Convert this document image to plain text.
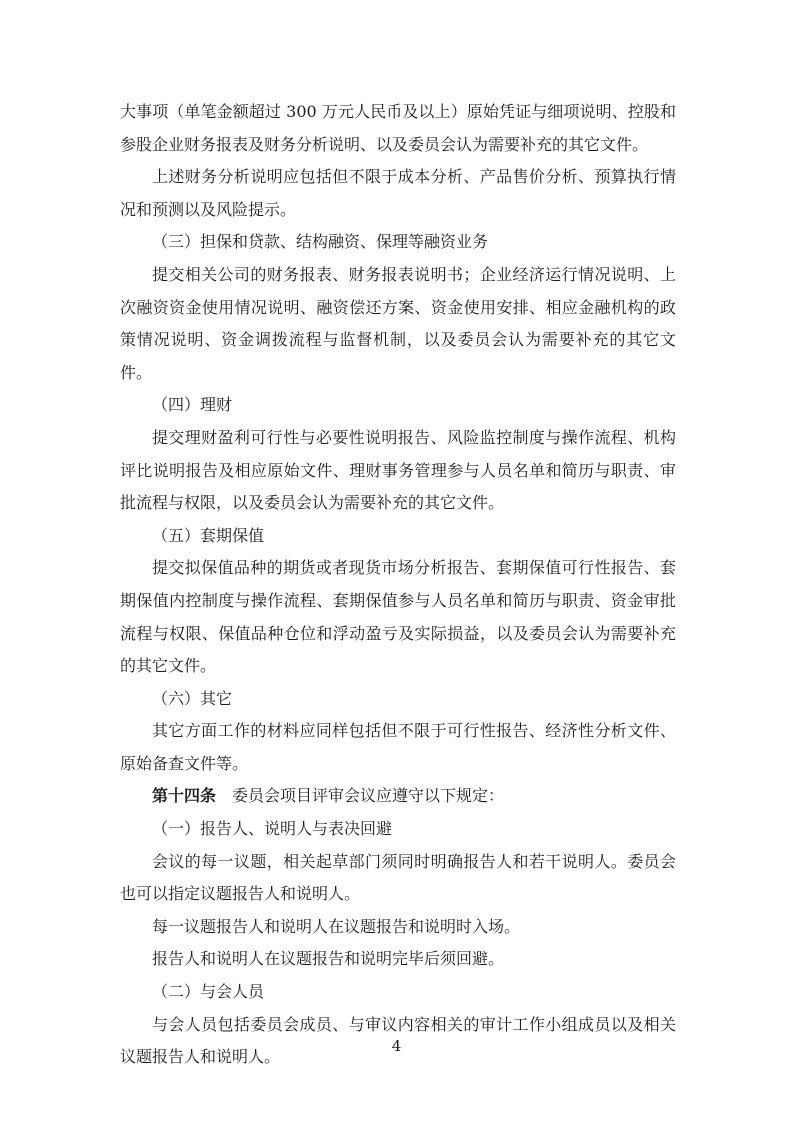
大事项（单笔金额超过 300 万元人民币及以上）原始凭证与细项说明、控股和参股企业财务报表及财务分析说明、以及委员会认为需要补充的其它文件。

上述财务分析说明应包括但不限于成本分析、产品售价分析、预算执行情况和预测以及风险提示。

（三）担保和贷款、结构融资、保理等融资业务

提交相关公司的财务报表、财务报表说明书；企业经济运行情况说明、上次融资资金使用情况说明、融资偿还方案、资金使用安排、相应金融机构的政策情况说明、资金调拨流程与监督机制，以及委员会认为需要补充的其它文件。

（四）理财

提交理财盈利可行性与必要性说明报告、风险监控制度与操作流程、机构评比说明报告及相应原始文件、理财事务管理参与人员名单和简历与职责、审批流程与权限，以及委员会认为需要补充的其它文件。

（五）套期保值

提交拟保值品种的期货或者现货市场分析报告、套期保值可行性报告、套期保值内控制度与操作流程、套期保值参与人员名单和简历与职责、资金审批流程与权限、保值品种仓位和浮动盈亏及实际损益，以及委员会认为需要补充的其它文件。

（六）其它

其它方面工作的材料应同样包括但不限于可行性报告、经济性分析文件、原始备查文件等。

第十四条　委员会项目评审会议应遵守以下规定：

（一）报告人、说明人与表决回避

会议的每一议题，相关起草部门须同时明确报告人和若干说明人。委员会也可以指定议题报告人和说明人。

每一议题报告人和说明人在议题报告和说明时入场。

报告人和说明人在议题报告和说明完毕后须回避。

（二）与会人员

与会人员包括委员会成员、与审议内容相关的审计工作小组成员以及相关议题报告人和说明人。

4
